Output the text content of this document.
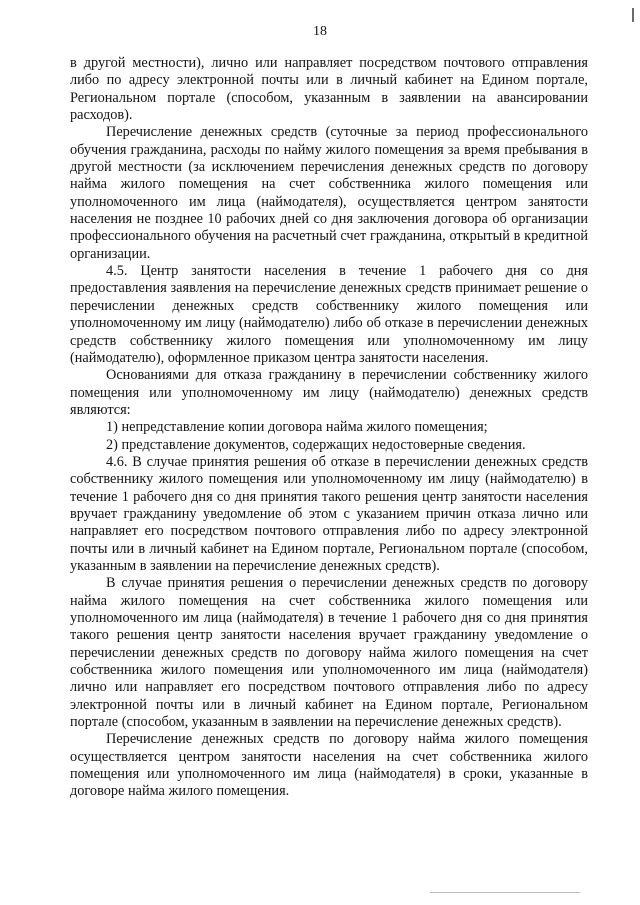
18

в другой местности), лично или направляет посредством почтового отправления либо по адресу электронной почты или в личный кабинет на Едином портале, Региональном портале (способом, указанным в заявлении на авансировании расходов).

Перечисление денежных средств (суточные за период профессионального обучения гражданина, расходы по найму жилого помещения за время пребывания в другой местности (за исключением перечисления денежных средств по договору найма жилого помещения на счет собственника жилого помещения или уполномоченного им лица (наймодателя), осуществляется центром занятости населения не позднее 10 рабочих дней со дня заключения договора об организации профессионального обучения на расчетный счет гражданина, открытый в кредитной организации.

4.5. Центр занятости населения в течение 1 рабочего дня со дня предоставления заявления на перечисление денежных средств принимает решение о перечислении денежных средств собственнику жилого помещения или уполномоченному им лицу (наймодателю) либо об отказе в перечислении денежных средств собственнику жилого помещения или уполномоченному им лицу (наймодателю), оформленное приказом центра занятости населения.

Основаниями для отказа гражданину в перечислении собственнику жилого помещения или уполномоченному им лицу (наймодателю) денежных средств являются:

1) непредставление копии договора найма жилого помещения;

2) представление документов, содержащих недостоверные сведения.

4.6. В случае принятия решения об отказе в перечислении денежных средств собственнику жилого помещения или уполномоченному им лицу (наймодателю) в течение 1 рабочего дня со дня принятия такого решения центр занятости населения вручает гражданину уведомление об этом с указанием причин отказа лично или направляет его посредством почтового отправления либо по адресу электронной почты или в личный кабинет на Едином портале, Региональном портале (способом, указанным в заявлении на перечисление денежных средств).

В случае принятия решения о перечислении денежных средств по договору найма жилого помещения на счет собственника жилого помещения или уполномоченного им лица (наймодателя) в течение 1 рабочего дня со дня принятия такого решения центр занятости населения вручает гражданину уведомление о перечислении денежных средств по договору найма жилого помещения на счет собственника жилого помещения или уполномоченного им лица (наймодателя) лично или направляет его посредством почтового отправления либо по адресу электронной почты или в личный кабинет на Едином портале, Региональном портале (способом, указанным в заявлении на перечисление денежных средств).

Перечисление денежных средств по договору найма жилого помещения осуществляется центром занятости населения на счет собственника жилого помещения или уполномоченного им лица (наймодателя) в сроки, указанные в договоре найма жилого помещения.
